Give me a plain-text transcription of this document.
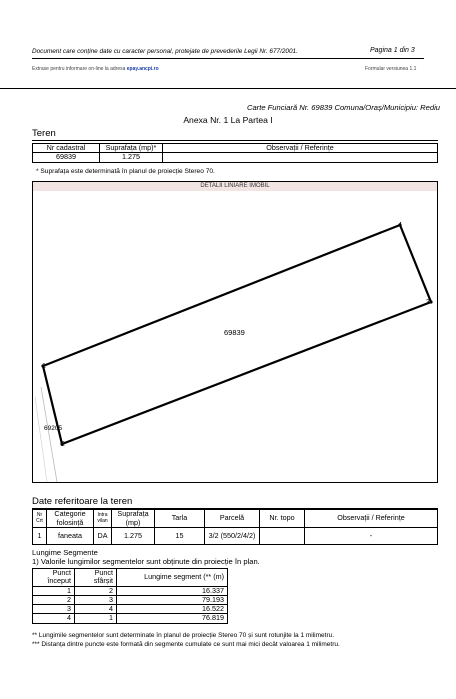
Document care conține date cu caracter personal, protejate de prevederile Legii Nr. 677/2001.	Pagina 1 din 3
Extrase pentru informare on-line la adresa epay.ancpi.ro	Formular versiunea 1.1
Carte Funciară Nr. 69839 Comuna/Oraș/Municipiu: Rediu
Anexa Nr. 1 La Partea I
Teren
Nr cadastral	Suprafața (mp)*	Observații / Referințe
69839	1.275	
* Suprafața este determinată în planul de proiecție Stereo 70.
DETALII LINIARE IMOBIL
1
2
3
4
69839
69205
Date referitoare la teren
Nr Crt	Categorie folosință	Intra vilan	Suprafața (mp)	Tarla	Parcelă	Nr. topo	Observații / Referințe
1	faneata	DA	1.275	15	3/2 (550/2/4/2)		-
Lungime Segmente
1) Valorile lungimilor segmentelor sunt obținute din proiecție în plan.
Punct început	Punct sfârșit	Lungime segment (** (m)
1	2	16.337
2	3	79.193
3	4	16.522
4	1	76.819
** Lungimile segmentelor sunt determinate în planul de proiecție Stereo 70 și sunt rotunjite la 1 milimetru.
*** Distanța dintre puncte este formată din segmente cumulate ce sunt mai mici decât valoarea 1 milimetru.
